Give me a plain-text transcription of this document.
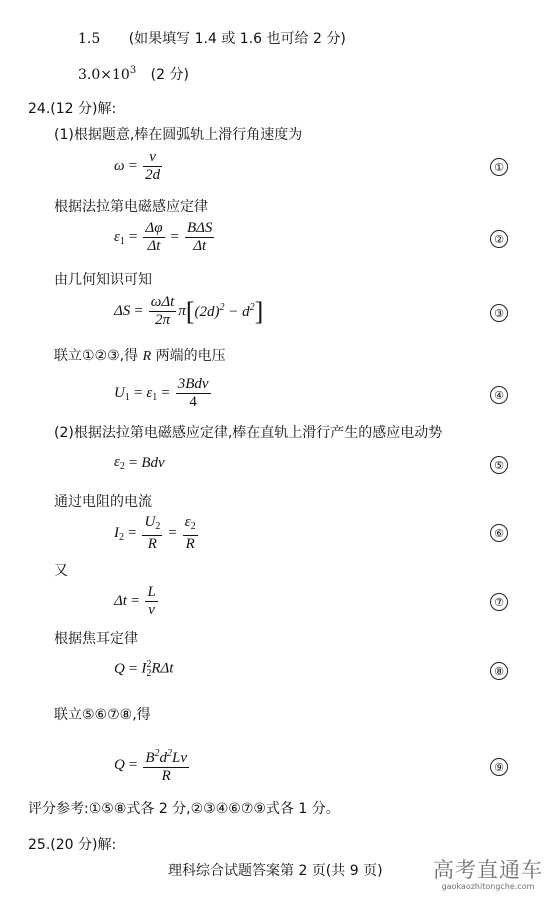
1.5 (如果填写 1.4 或 1.6 也可给 2 分)
$3.0\times 10^3$ (2 分)
24.(12 分)解:
(1)根据题意,棒在圆弧轨上滑行角速度为
$\omega = \frac{v}{2d}$	①
根据法拉第电磁感应定律
$\varepsilon_1 = \frac{\Delta\varphi}{\Delta t} = \frac{\text{BΔS}}{\Delta t}$	②
由几何知识可知
$\Delta S = \frac{\text{ωΔt}}{2\pi}$ π [ $(2d)^2 - d^2$ ]	③
联立①②③,得 R 两端的电压
$U_1 = \varepsilon_1 = \frac{\text{3Bdv}}{4}$	④
(2)根据法拉第电磁感应定律,棒在直轨上滑行产生的感应电动势
$\varepsilon_2$ = Bdv	⑤
通过电阻的电流
$I_2 = \frac{U_2}{R} = \frac{\varepsilon_2}{R}$	⑥
又
$\Delta t = \frac{L}{v}$	⑦
根据焦耳定律
Q = I 2
2 RΔt	⑧
联立⑤⑥⑦⑧,得
$Q = \frac{B^2d^2Lv}{R}$	⑨
评分参考:①⑤⑧式各 2 分,②③④⑥⑦⑨式各 1 分。
25.(20 分)解:
理科综合试题答案第 2 页(共 9 页) 高考直通车
gaokaozhitongche.com
